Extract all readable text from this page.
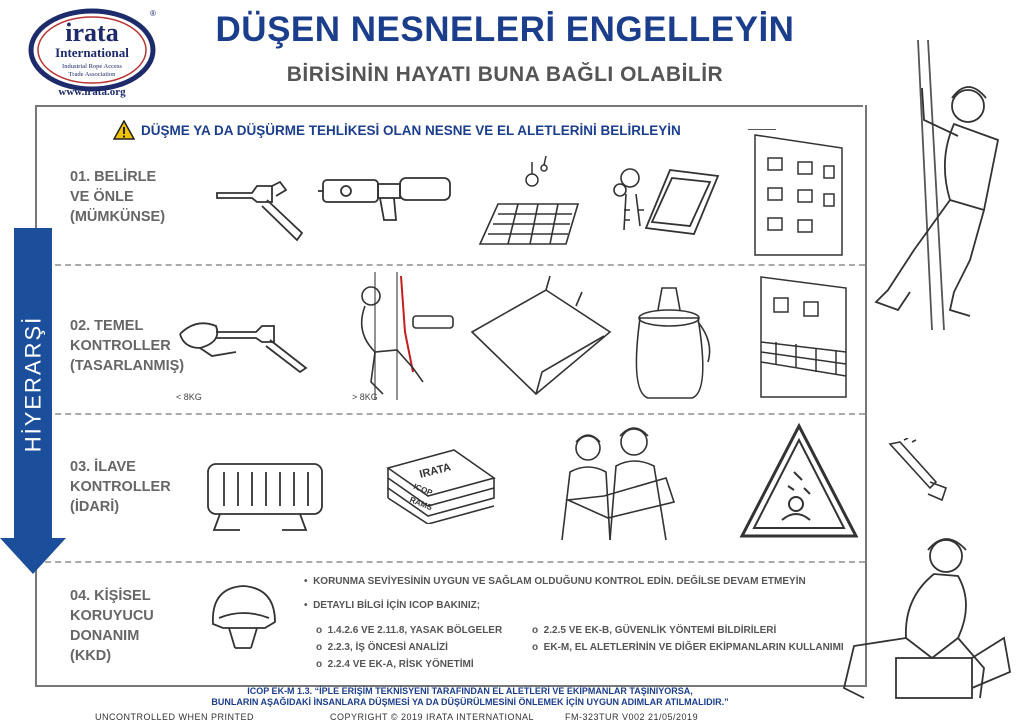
irata
International
Industrial Rope Access
Trade Association
®
www.irata.org
DÜŞEN NESNELERİ ENGELLEYİN
BİRİSİNİN HAYATI BUNA BAĞLI OLABİLİR
DÜŞME YA DA DÜŞÜRME TEHLİKESİ OLAN NESNE VE EL ALETLERİNİ BELİRLEYİN
HİYERARŞİ
01. BELİRLE
VE ÖNLE
(MÜMKÜNSE)
02. TEMEL
KONTROLLER
(TASARLANMIŞ)
03. İLAVE
KONTROLLER
(İDARİ)
04. KİŞİSEL
KORUYUCU
DONANIM
(KKD)
< 8KG	> 8KG
IRATA
ICOP
RAMS
•  KORUNMA SEVİYESİNİN UYGUN VE SAĞLAM OLDUĞUNU KONTROL EDİN. DEĞİLSE DEVAM ETMEYİN
•  DETAYLI BİLGİ İÇİN ICOP BAKINIZ;
o  1.4.2.6 VE 2.11.8, YASAK BÖLGELER
o  2.2.3, İŞ ÖNCESİ ANALİZİ
o  2.2.4 VE EK-A, RİSK YÖNETİMİ
o  2.2.5 VE EK-B, GÜVENLİK YÖNTEMİ BİLDİRİLERİ
o  EK-M, EL ALETLERİNİN VE DİĞER EKİPMANLARIN KULLANIMI
ICOP EK-M 1.3. “İPLE ERİŞİM TEKNİSYENİ TARAFINDAN EL ALETLERİ VE EKİPMANLAR TAŞINIYORSA,
BUNLARIN AŞAĞIDAKİ İNSANLARA DÜŞMESİ YA DA DÜŞÜRÜLMESİNİ ÖNLEMEK İÇİN UYGUN ADIMLAR ATILMALIDIR.”
UNCONTROLLED WHEN PRINTED	COPYRIGHT © 2019 IRATA INTERNATIONAL	FM-323TUR V002 21/05/2019
